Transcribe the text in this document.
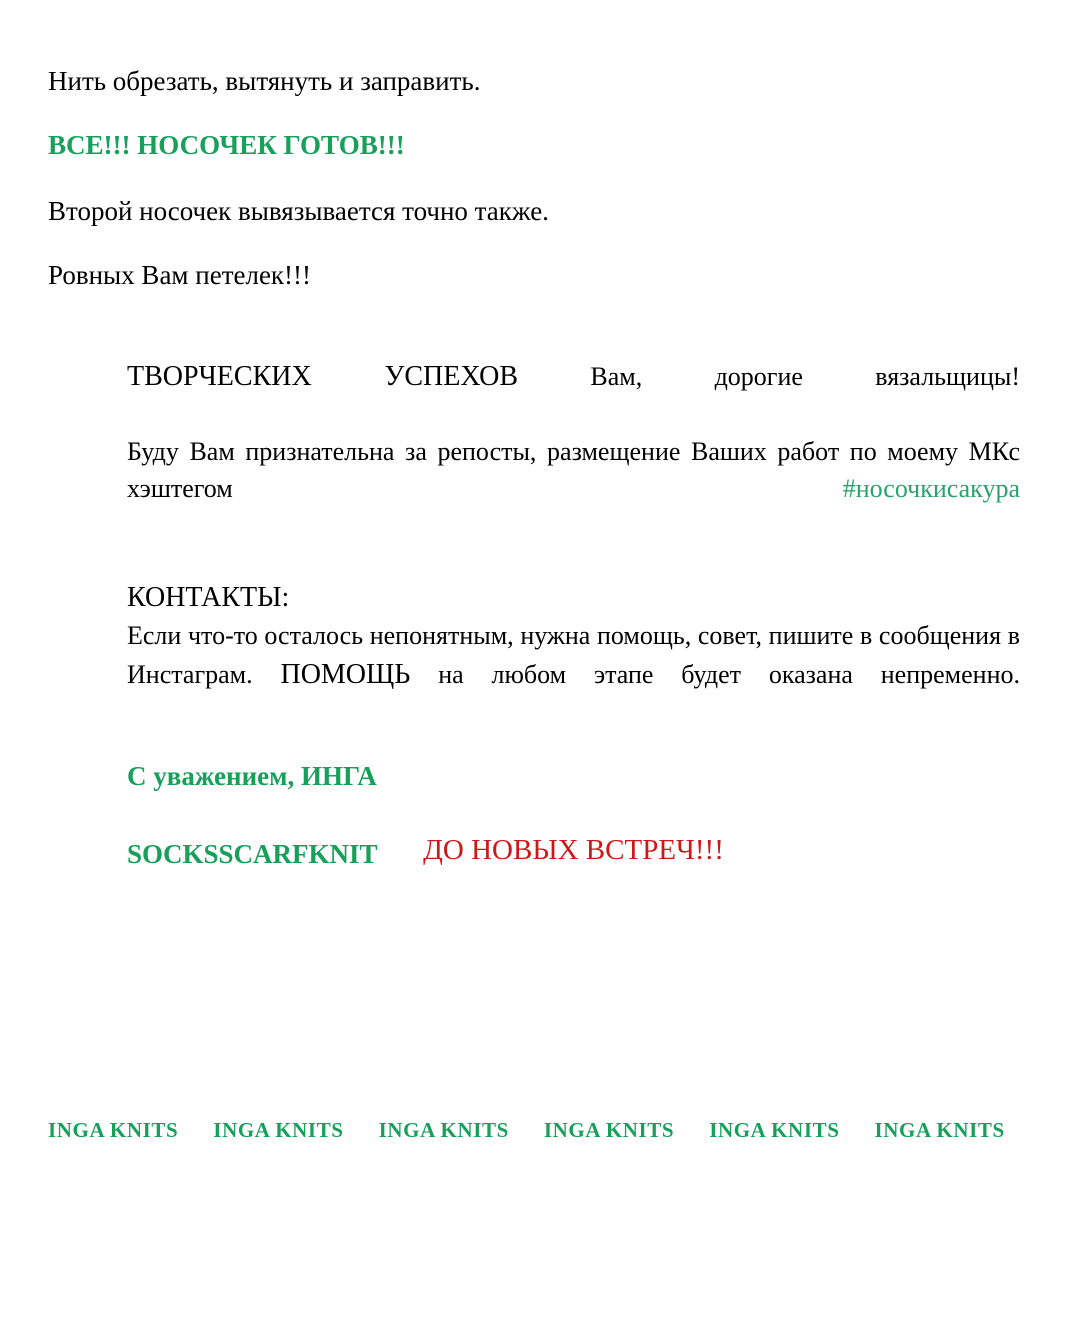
Нить обрезать, вытянуть и заправить.

ВСЕ!!! НОСОЧЕК ГОТОВ!!!

Второй носочек вывязывается точно также.

Ровных Вам петелек!!!

ТВОРЧЕСКИХ УСПЕХОВ Вам, дорогие вязальщицы!

Буду Вам признательна за репосты, размещение Ваших работ по моему МКс хэштегом #носочкисакура

КОНТАКТЫ:

Если что-то осталось непонятным, нужна помощь, совет, пишите в сообщения в Инстаграм. ПОМОЩЬ на любом этапе будет оказана непременно.

С уважением, ИНГА

SOCKSSCARFKNIT	ДО НОВЫХ ВСТРЕЧ!!!
INGA KNITS INGA KNITS INGA KNITS INGA KNITS INGA KNITS INGA KNITS
